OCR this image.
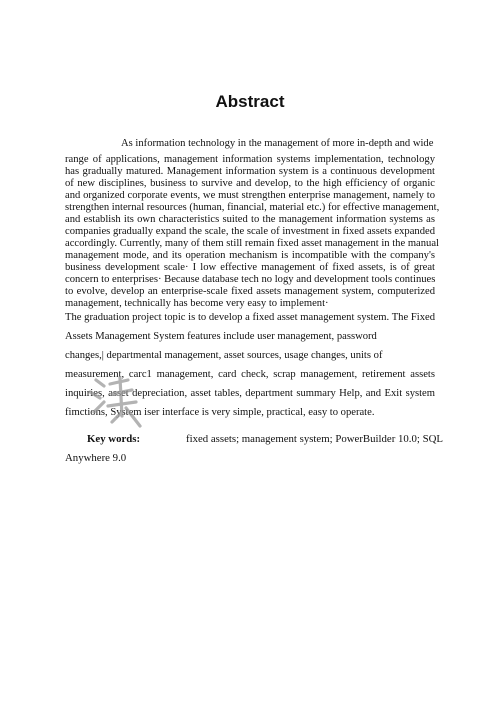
Abstract
As information technology in the management of more in-depth and wide
range of applications, management information systems implementation, technology
has gradually matured. Management information system is a continuous development
of new disciplines, business to survive and develop, to the high efficiency of organic
and organized corporate events, we must strengthen enterprise management, namely to
strengthen internal resources (human, financial, material etc.) for effective management,
and establish its own characteristics suited to the management information systems as
companies gradually expand the scale, the scale of investment in fixed assets expanded
accordingly. Currently, many of them still remain fixed asset management in the manual
management mode, and its operation mechanism is incompatible with the company's
business development scale· I low effective management of fixed assets, is of great
concern to enterprises· Because database tech no logy and development tools continues
to evolve, develop an enterprise-scale fixed assets management system, computerized
management, technically has become very easy to implement·
The graduation project topic is to develop a fixed asset management system. The Fixed
Assets Management System features include user management, password
changes,| departmental management, asset sources, usage changes, units of
measurement, carc1 management, card check, scrap management, retirement assets
inquiries, asset depreciation, asset tables, department summary Help, and Exit system
fimctions, System iser interface is very simple, practical, easy to operate.
Key words:	fixed assets; management system; PowerBuilder 10.0; SQL
Anywhere 9.0
